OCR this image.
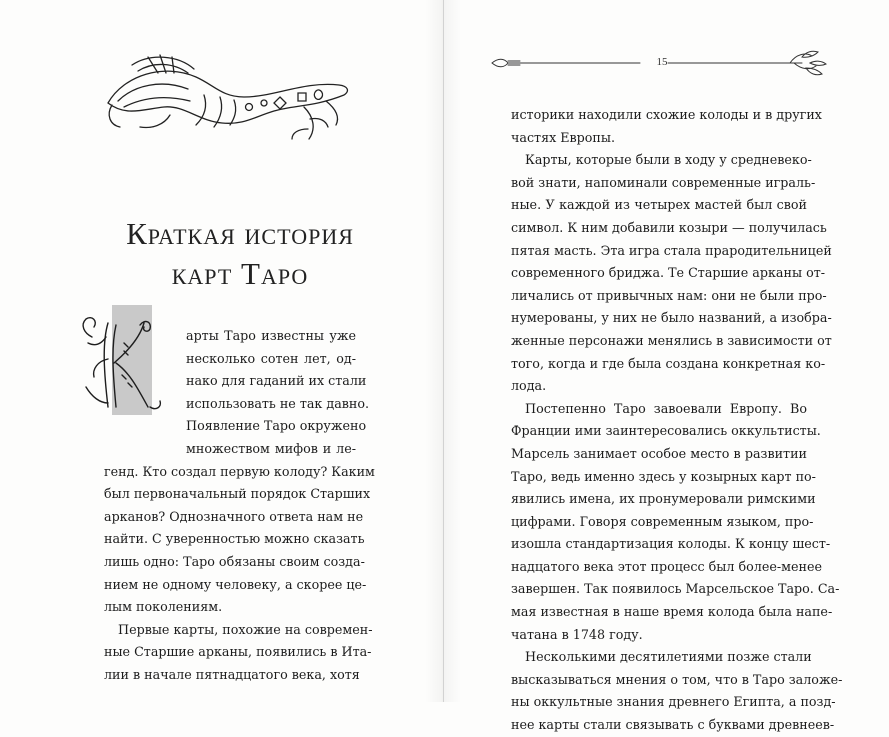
Краткая история
карт Таро
арты Таро известны уже
несколько сотен лет, од-
нако для гаданий их стали
использовать не так давно.
Появление Таро окружено
множеством мифов и ле-
генд. Кто создал первую колоду? Каким
был первоначальный порядок Старших
арканов? Однозначного ответа нам не
найти. С уверенностью можно сказать
лишь одно: Таро обязаны своим созда-
нием не одному человеку, а скорее це-
лым поколениям.
Первые карты, похожие на современ-
ные Старшие арканы, появились в Ита-
лии в начале пятнадцатого века, хотя
15
историки находили схожие колоды и в других
частях Европы.
Карты, которые были в ходу у средневеко-
вой знати, напоминали современные играль-
ные. У каждой из четырех мастей был свой
символ. К ним добавили козыри — получилась
пятая масть. Эта игра стала прародительницей
современного бриджа. Те Старшие арканы от-
личались от привычных нам: они не были про-
нумерованы, у них не было названий, а изобра-
женные персонажи менялись в зависимости от
того, когда и где была создана конкретная ко-
лода.
Постепенно Таро завоевали Европу. Во
Франции ими заинтересовались оккультисты.
Марсель занимает особое место в развитии
Таро, ведь именно здесь у козырных карт по-
явились имена, их пронумеровали римскими
цифрами. Говоря современным языком, про-
изошла стандартизация колоды. К концу шест-
надцатого века этот процесс был более-менее
завершен. Так появилось Марсельское Таро. Са-
мая известная в наше время колода была напе-
чатана в 1748 году.
Несколькими десятилетиями позже стали
высказываться мнения о том, что в Таро заложе-
ны оккультные знания древнего Египта, а позд-
нее карты стали связывать с буквами древнеев-
